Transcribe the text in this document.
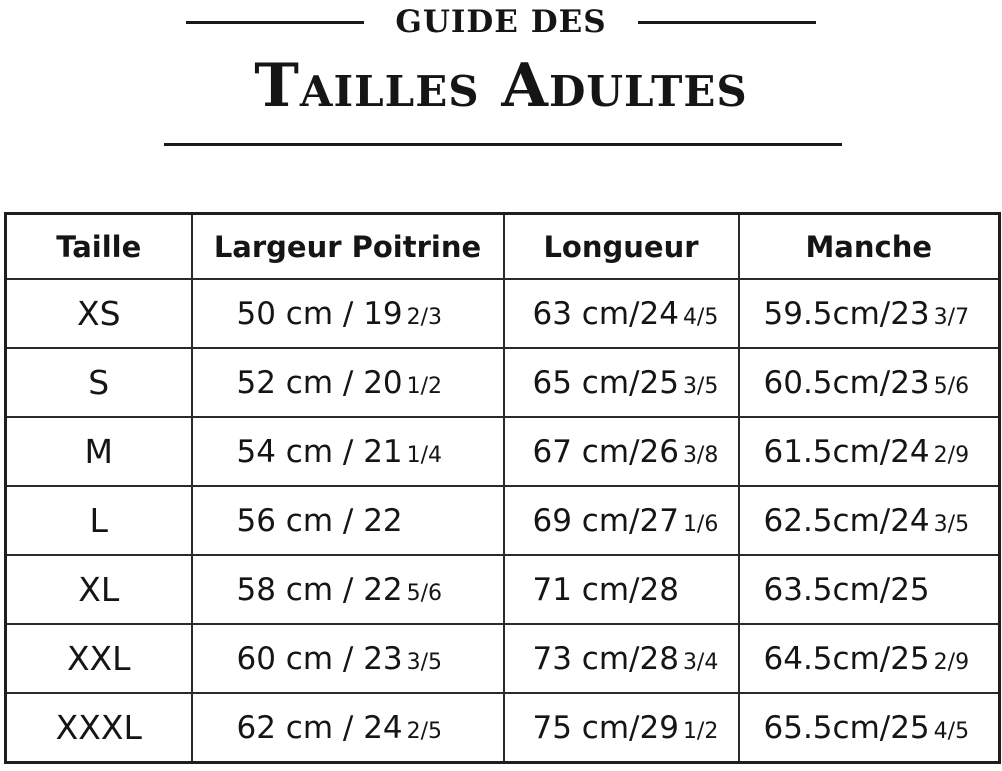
GUIDE DES
Tailles Adultes
Taille	Largeur Poitrine	Longueur	Manche
XS	50 cm / 19 2/3	63 cm/24 4/5	59.5cm/23 3/7
S	52 cm / 20 1/2	65 cm/25 3/5	60.5cm/23 5/6
M	54 cm / 21 1/4	67 cm/26 3/8	61.5cm/24 2/9
L	56 cm / 22	69 cm/27 1/6	62.5cm/24 3/5
XL	58 cm / 22 5/6	71 cm/28	63.5cm/25
XXL	60 cm / 23 3/5	73 cm/28 3/4	64.5cm/25 2/9
XXXL	62 cm / 24 2/5	75 cm/29 1/2	65.5cm/25 4/5
